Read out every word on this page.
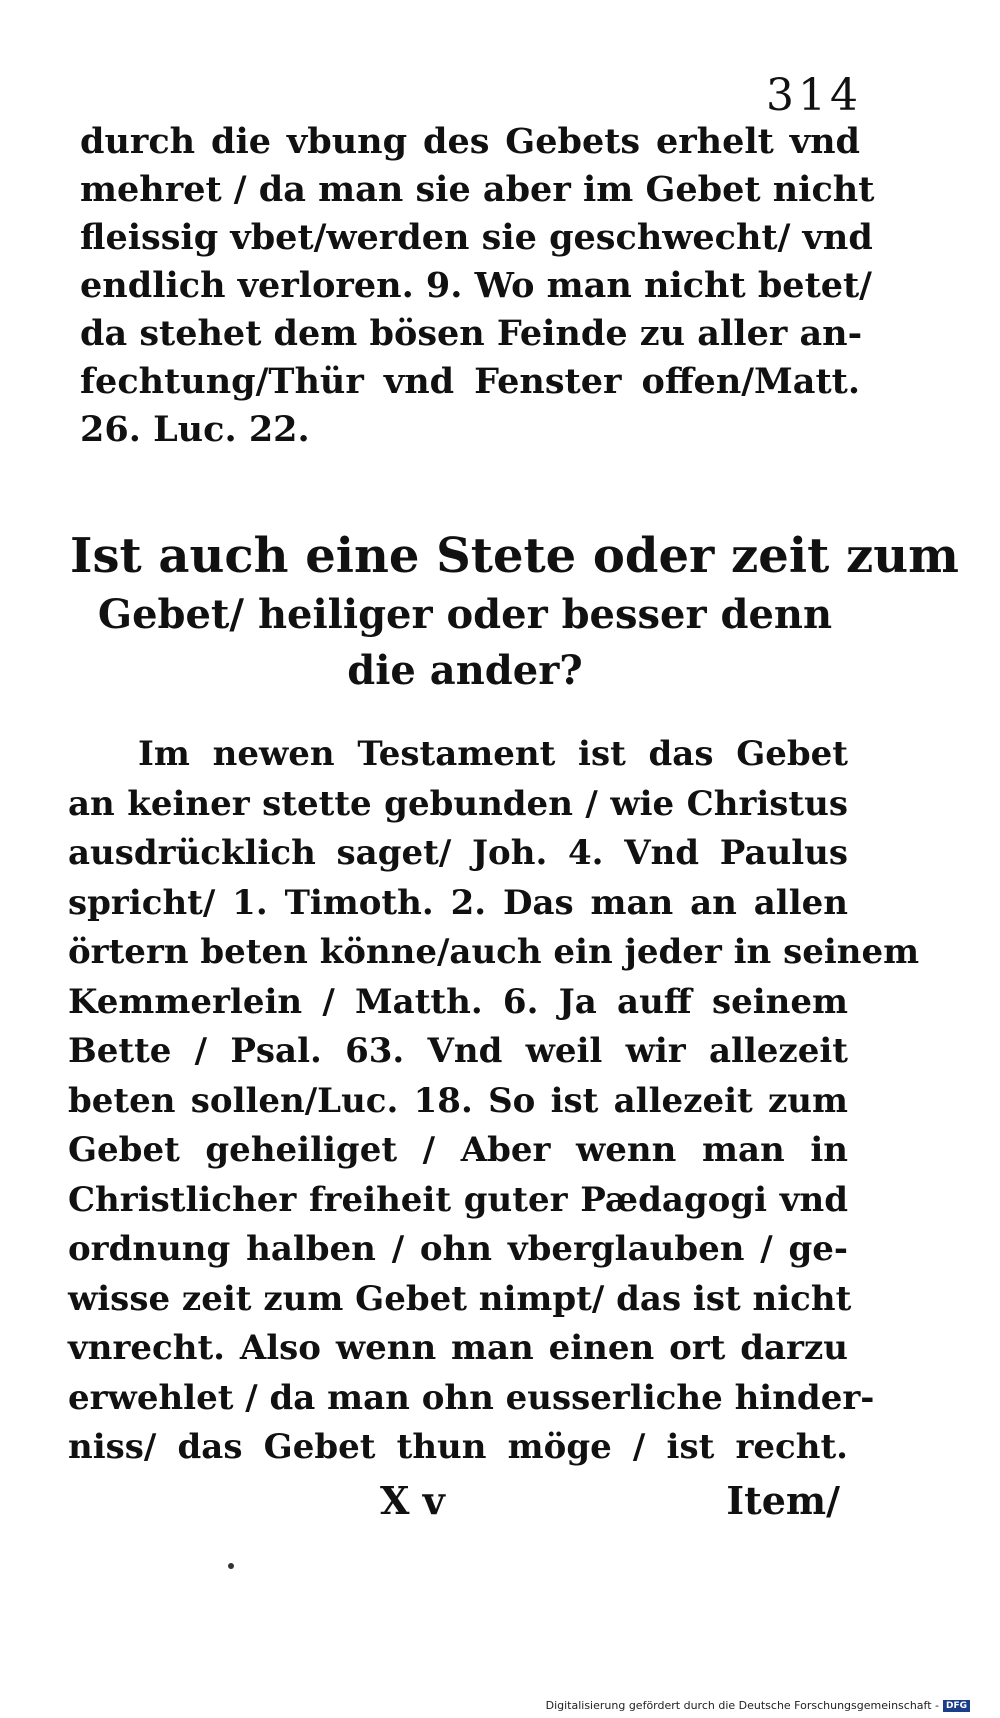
314
durch die vbung des Gebets erhelt vnd
mehret / da man sie aber im Gebet nicht
fleissig vbet/werden sie geschwecht/ vnd
endlich verloren. 9. Wo man nicht betet/
da stehet dem bösen Feinde zu aller an-
fechtung/Thür vnd Fenster offen/Matt.
26. Luc. 22.
Ist auch eine Stete oder zeit zum
Gebet/ heiliger oder besser denn
die ander?
Im newen Testament ist das Gebet
an keiner stette gebunden / wie Christus
ausdrücklich saget/ Joh. 4. Vnd Paulus
spricht/ 1. Timoth. 2. Das man an allen
örtern beten könne/auch ein jeder in seinem
Kemmerlein / Matth. 6. Ja auff seinem
Bette / Psal. 63. Vnd weil wir allezeit
beten sollen/Luc. 18. So ist allezeit zum
Gebet geheiliget / Aber wenn man in
Christlicher freiheit guter Pædagogi vnd
ordnung halben / ohn vberglauben / ge-
wisse zeit zum Gebet nimpt/ das ist nicht
vnrecht. Also wenn man einen ort darzu
erwehlet / da man ohn eusserliche hinder-
niss/ das Gebet thun möge / ist recht.
X v	Item/
Digitalisierung gefördert durch die Deutsche Forschungsgemeinschaft - DFG
